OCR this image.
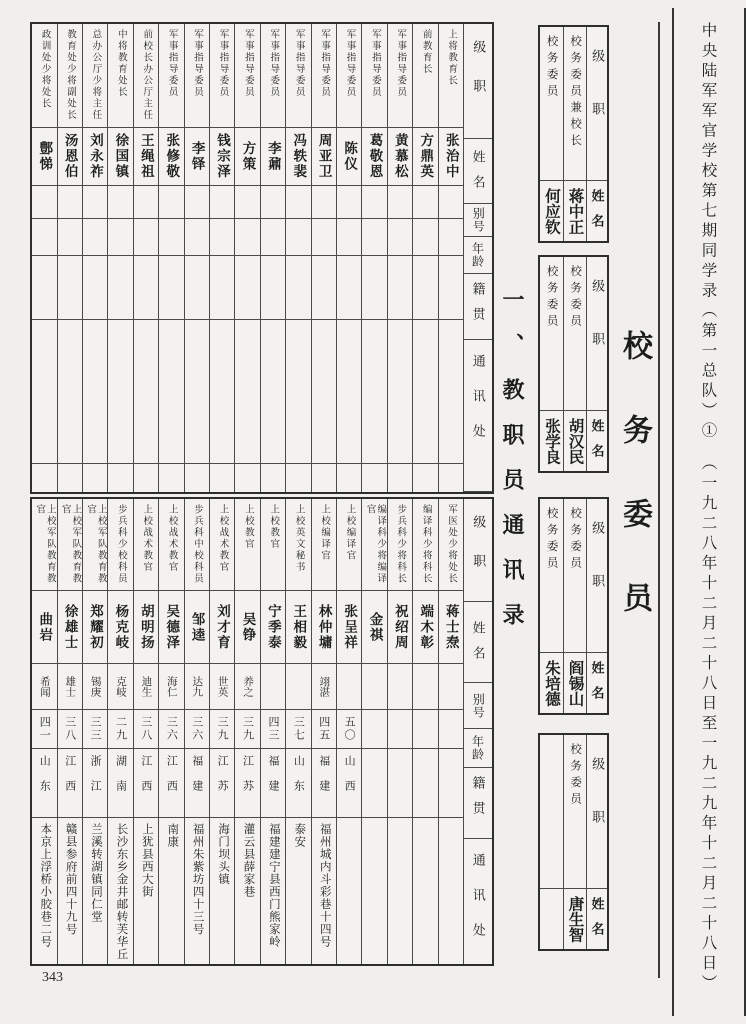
级职
姓名
别号
年龄
籍贯
通讯处
上将教育长
张治中
前教育长
方鼎英
军事指导委员
黄慕松
军事指导委员
葛敬恩
军事指导委员
陈仪
军事指导委员
周亚卫
军事指导委员
冯轶裴
军事指导委员
李鼐
军事指导委员
方策
军事指导委员
钱宗泽
军事指导委员
李铎
军事指导委员
张修敬
前校长办公厅主任
王绳祖
中将教育处长
徐国镇
总办公厅少将主任
刘永祚
教育处少将副处长
汤恩伯
政训处少将处长
鄷悌
一、教职员通讯录
级职
姓名
别号
年龄
籍贯
通讯处
军医处少将处长
蒋士焘
编译科少将科长
端木彰
步兵科少将科长
祝绍周
编译科少将编译官
金祺
上校编译官
张呈祥
五〇
山西
上校编译官
林仲墉
翊湛
四五
福建
福州城内斗彩巷十四号
上校英文秘书
王相毅
三七
山东
泰安
上校教官
宁季泰
四三
福建
福建建宁县西门熊家岭
上校教官
吴铮
养之
三九
江苏
灌云县薛家巷
上校战术教官
刘才育
世英
三九
江苏
海门坝头镇
步兵科中校科员
邹逵
达九
三六
福建
福州朱紫坊四十三号
上校战术教官
吴德泽
海仁
三六
江西
南康
上校战术教官
胡明扬
迪生
三八
江西
上犹县西大街
步兵科少校科员
杨克岐
克岐
二九
湖南
长沙东乡金井邮转芙华丘
上校军队教育教官
郑耀初
锡庚
三三
浙江
兰溪转湖镇同仁堂
上校军队教育教官
徐雄士
雄士
三八
江西
赣县参府前四十九号
上校军队教育教官
曲岩
希闻
四一
山东
本京上浮桥小胶巷二号
级职
姓名
校务委员兼校长
蒋中正
校务委员
何应钦
级职
姓名
校务委员
胡汉民
校务委员
张学良
级职
姓名
校务委员
阎锡山
校务委员
朱培德
级职
姓名
校务委员
唐生智
校务委员	中央陆军军官学校第七期同学录（第一总队）①　（一九二八年十二月二十八日至一九二九年十二月二十八日）
343
